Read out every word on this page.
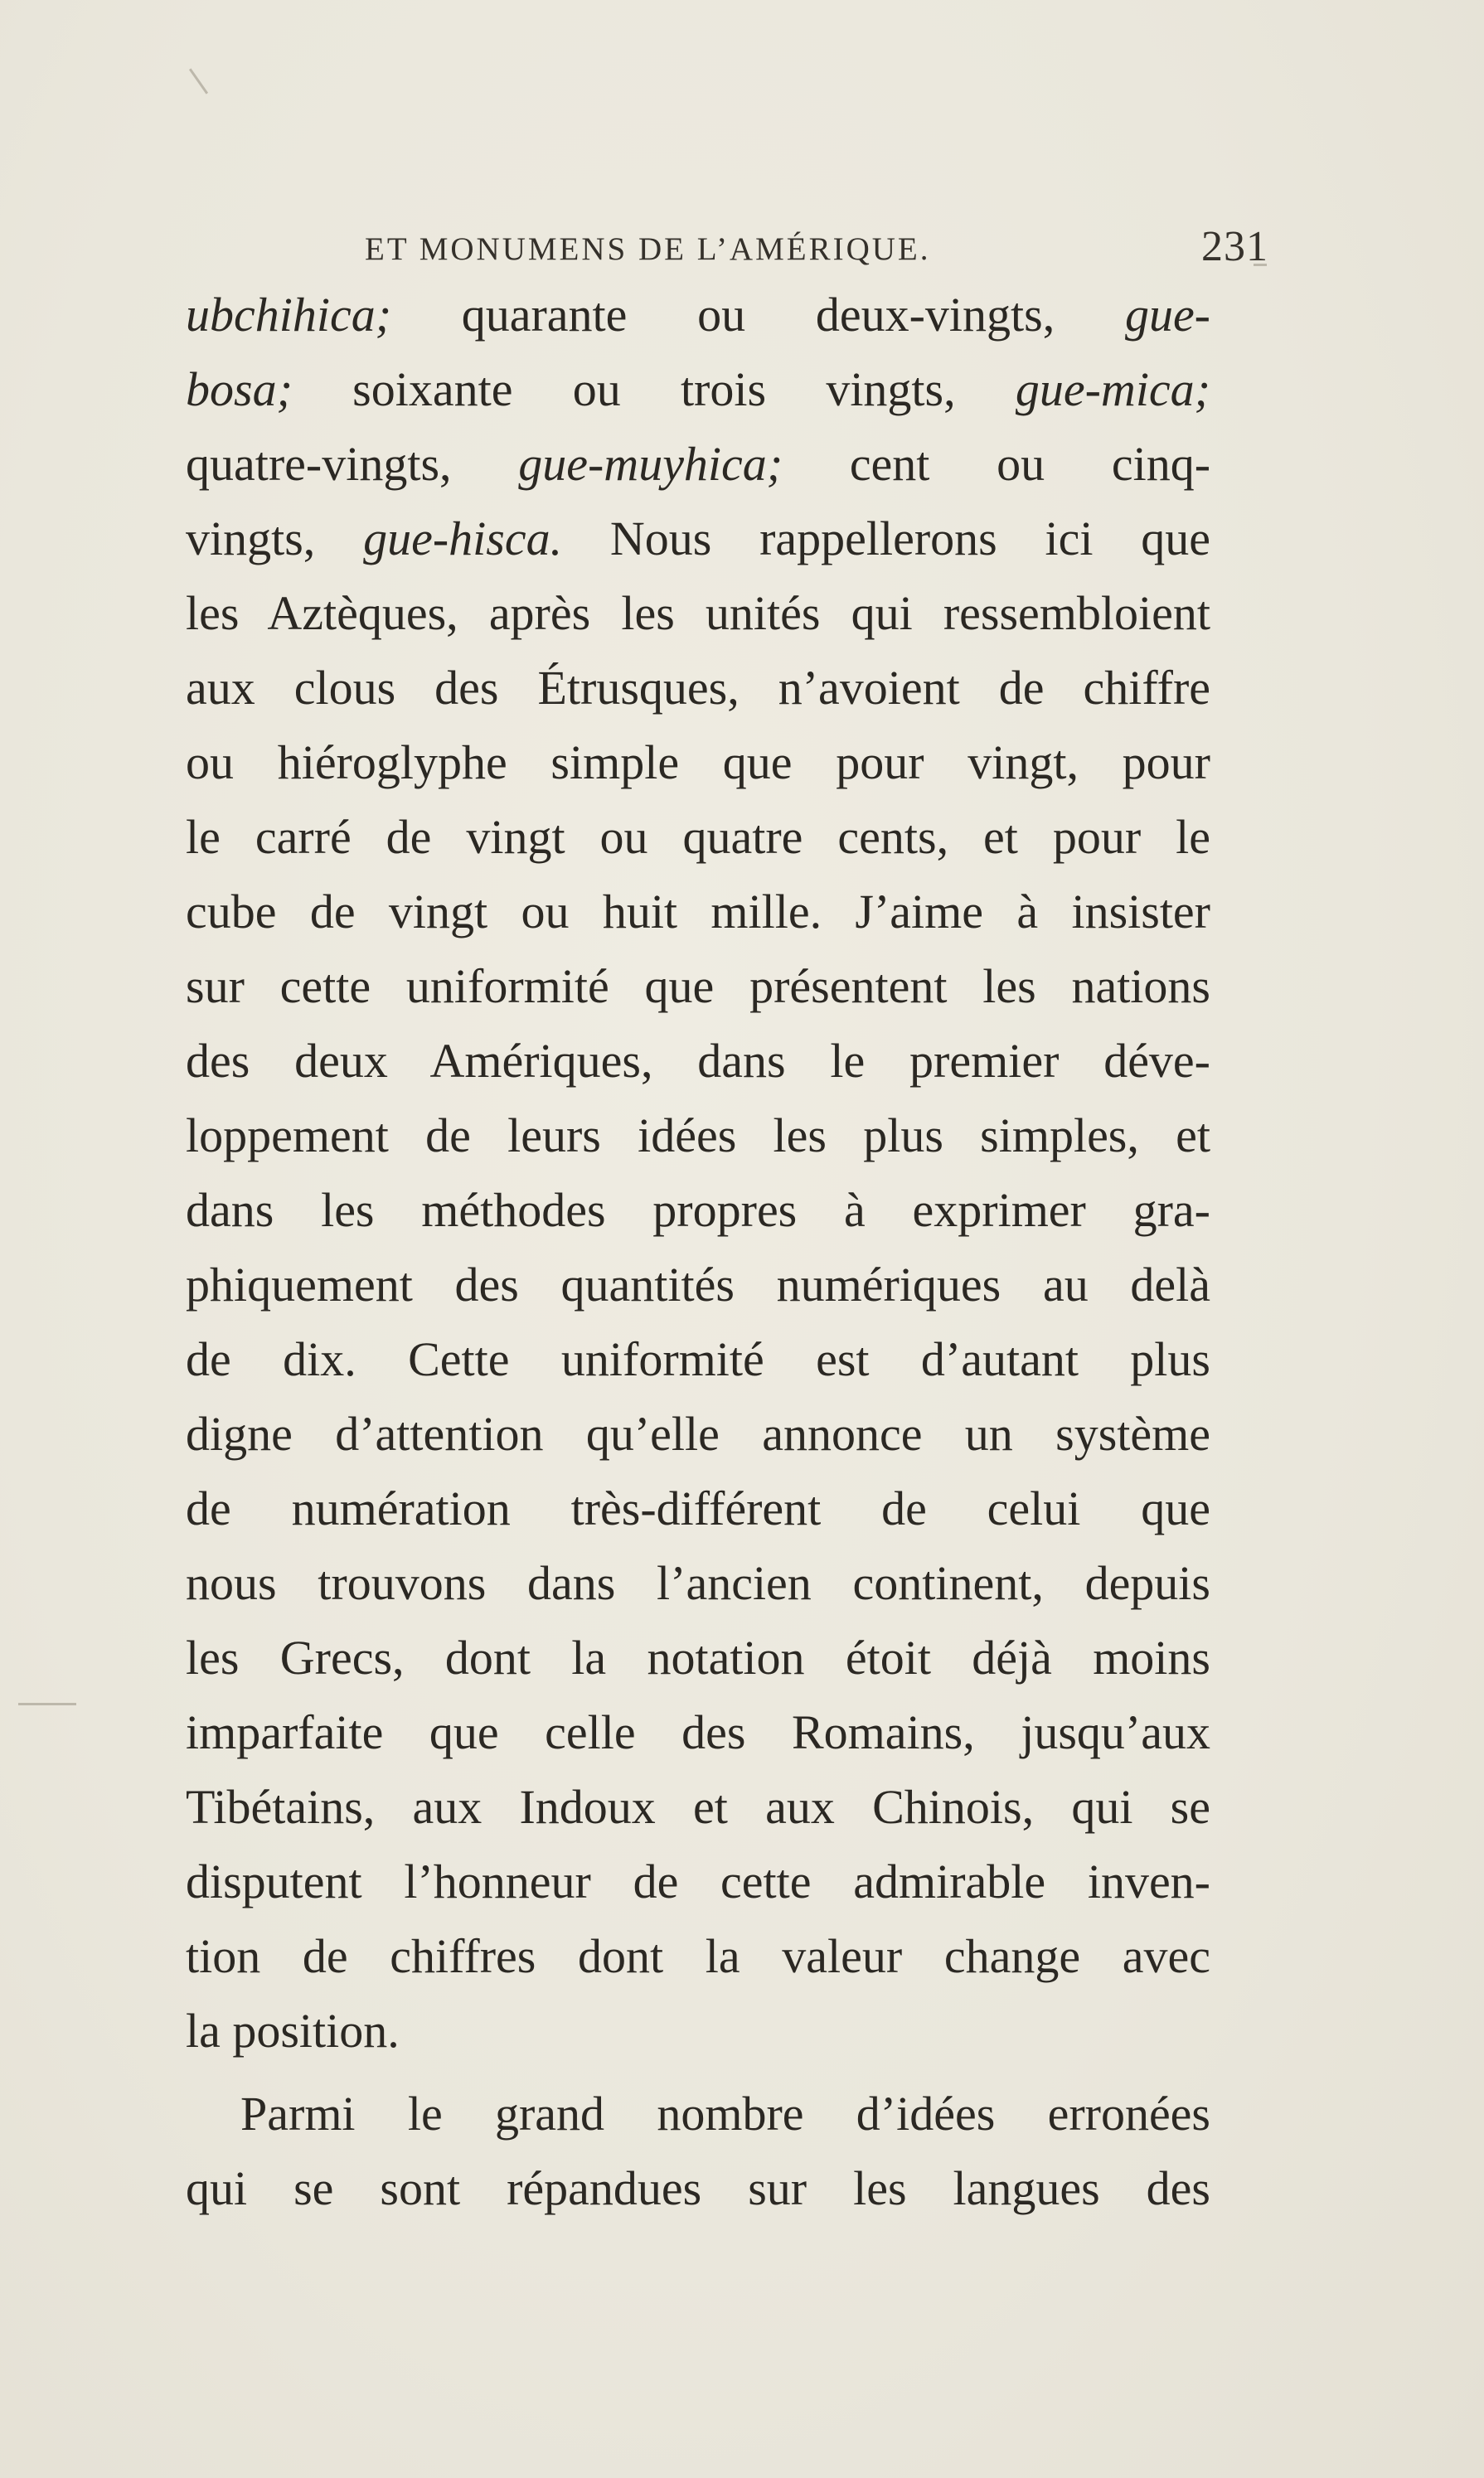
ET MONUMENS DE L’AMÉRIQUE.	231
ubchihica; quarante ou deux-vingts, gue-
bosa; soixante ou trois vingts, gue-mica;
quatre-vingts, gue-muyhica; cent ou cinq-
vingts, gue-hisca. Nous rappellerons ici que
les Aztèques, après les unités qui ressembloient
aux clous des Étrusques, n’avoient de chiffre
ou hiéroglyphe simple que pour vingt, pour
le carré de vingt ou quatre cents, et pour le
cube de vingt ou huit mille. J’aime à insister
sur cette uniformité que présentent les nations
des deux Amériques, dans le premier déve-
loppement de leurs idées les plus simples, et
dans les méthodes propres à exprimer gra-
phiquement des quantités numériques au delà
de dix. Cette uniformité est d’autant plus
digne d’attention qu’elle annonce un système
de numération très-différent de celui que
nous trouvons dans l’ancien continent, depuis
les Grecs, dont la notation étoit déjà moins
imparfaite que celle des Romains, jusqu’aux
Tibétains, aux Indoux et aux Chinois, qui se
disputent l’honneur de cette admirable inven-
tion de chiffres dont la valeur change avec
la position.
Parmi le grand nombre d’idées erronées
qui se sont répandues sur les langues des
